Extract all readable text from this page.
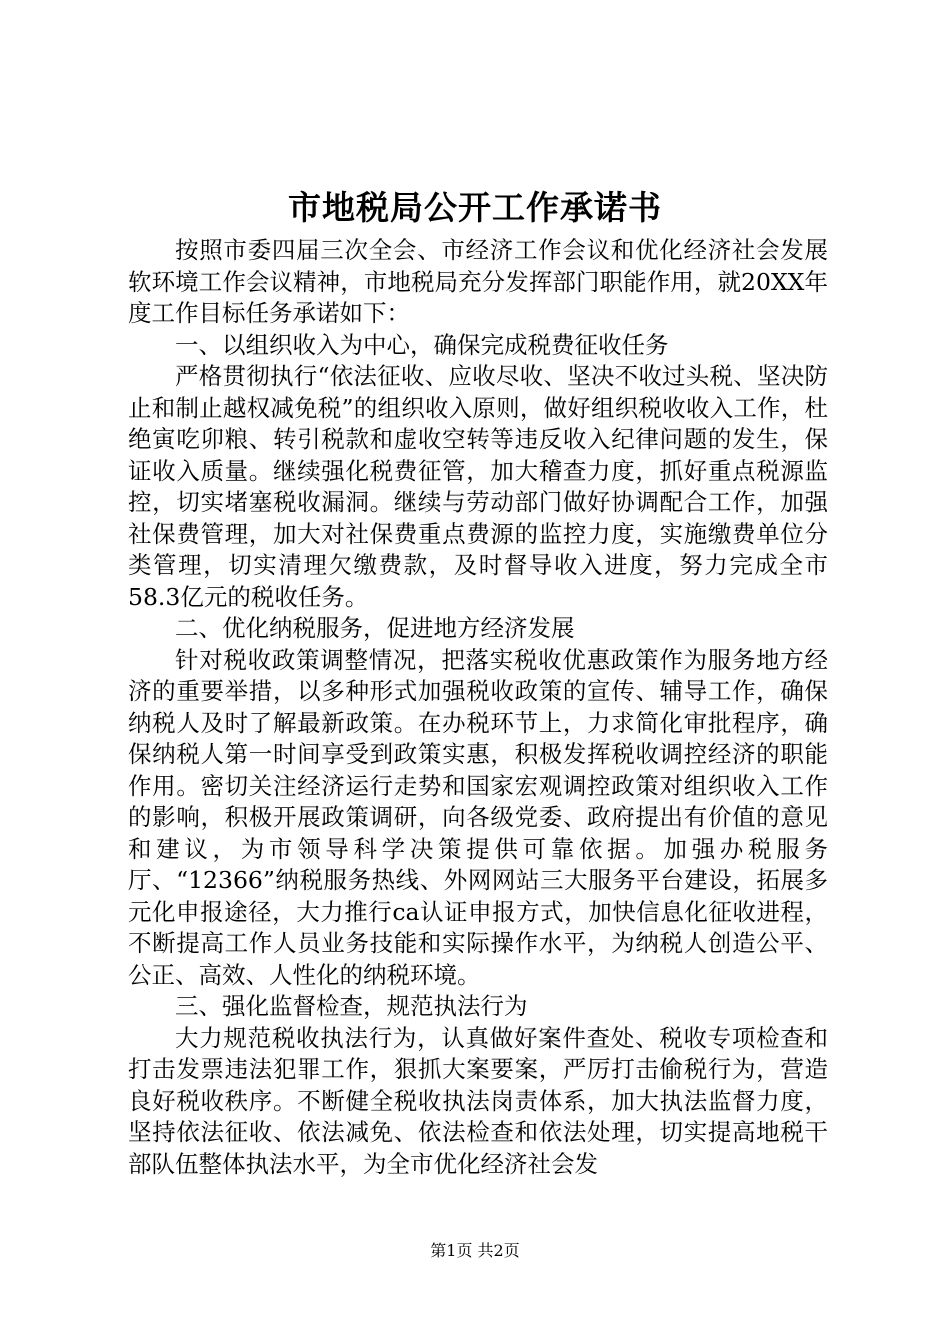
市地税局公开工作承诺书

按照市委四届三次全会、市经济工作会议和优化经济社会发展软环境工作会议精神，市地税局充分发挥部门职能作用，就20XX年度工作目标任务承诺如下：

一、以组织收入为中心，确保完成税费征收任务

严格贯彻执行“依法征收、应收尽收、坚决不收过头税、坚决防止和制止越权减免税”的组织收入原则，做好组织税收收入工作，杜绝寅吃卯粮、转引税款和虚收空转等违反收入纪律问题的发生，保证收入质量。继续强化税费征管，加大稽查力度，抓好重点税源监控，切实堵塞税收漏洞。继续与劳动部门做好协调配合工作，加强社保费管理，加大对社保费重点费源的监控力度，实施缴费单位分类管理，切实清理欠缴费款，及时督导收入进度，努力完成全市58.3亿元的税收任务。

二、优化纳税服务，促进地方经济发展

针对税收政策调整情况，把落实税收优惠政策作为服务地方经济的重要举措，以多种形式加强税收政策的宣传、辅导工作，确保纳税人及时了解最新政策。在办税环节上，力求简化审批程序，确保纳税人第一时间享受到政策实惠，积极发挥税收调控经济的职能作用。密切关注经济运行走势和国家宏观调控政策对组织收入工作的影响，积极开展政策调研，向各级党委、政府提出有价值的意见和建议，为市领导科学决策提供可靠依据。加强办税服务厅、“12366”纳税服务热线、外网网站三大服务平台建设，拓展多元化申报途径，大力推行ca认证申报方式，加快信息化征收进程，不断提高工作人员业务技能和实际操作水平，为纳税人创造公平、公正、高效、人性化的纳税环境。

三、强化监督检查，规范执法行为

大力规范税收执法行为，认真做好案件查处、税收专项检查和打击发票违法犯罪工作，狠抓大案要案，严厉打击偷税行为，营造良好税收秩序。不断健全税收执法岗责体系，加大执法监督力度，坚持依法征收、依法减免、依法检查和依法处理，切实提高地税干部队伍整体执法水平，为全市优化经济社会发

第1页 共2页
